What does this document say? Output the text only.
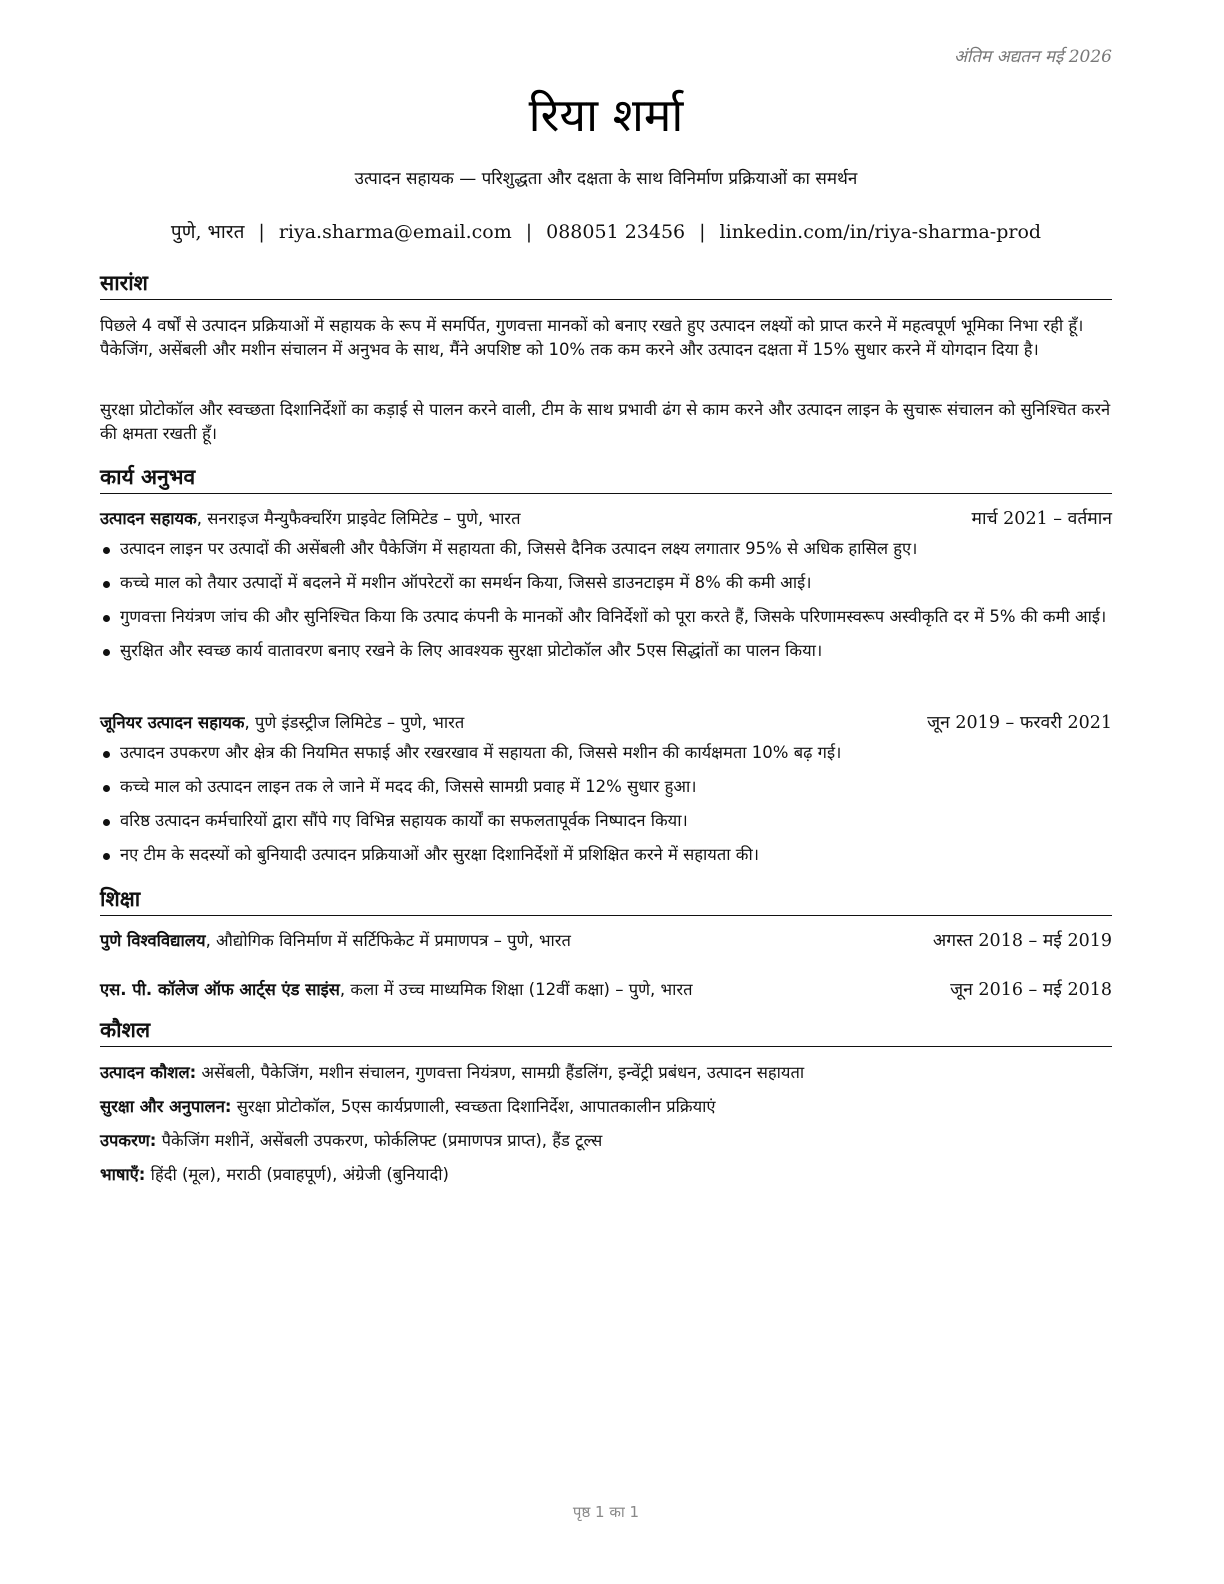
अंतिम अद्यतन मई 2026
रिया शर्मा
उत्पादन सहायक — परिशुद्धता और दक्षता के साथ विनिर्माण प्रक्रियाओं का समर्थन
पुणे, भारत | riya.sharma@email.com | 088051 23456 | linkedin.com/in/riya-sharma-prod
सारांश
पिछले 4 वर्षों से उत्पादन प्रक्रियाओं में सहायक के रूप में समर्पित, गुणवत्ता मानकों को बनाए रखते हुए उत्पादन लक्ष्यों को प्राप्त करने में महत्वपूर्ण भूमिका निभा रही हूँ। पैकेजिंग, असेंबली और मशीन संचालन में अनुभव के साथ, मैंने अपशिष्ट को 10% तक कम करने और उत्पादन दक्षता में 15% सुधार करने में योगदान दिया है।
सुरक्षा प्रोटोकॉल और स्वच्छता दिशानिर्देशों का कड़ाई से पालन करने वाली, टीम के साथ प्रभावी ढंग से काम करने और उत्पादन लाइन के सुचारू संचालन को सुनिश्चित करने की क्षमता रखती हूँ।
कार्य अनुभव
उत्पादन सहायक, सनराइज मैन्युफैक्चरिंग प्राइवेट लिमिटेड – पुणे, भारत	मार्च 2021 – वर्तमान
उत्पादन लाइन पर उत्पादों की असेंबली और पैकेजिंग में सहायता की, जिससे दैनिक उत्पादन लक्ष्य लगातार 95% से अधिक हासिल हुए।
कच्चे माल को तैयार उत्पादों में बदलने में मशीन ऑपरेटरों का समर्थन किया, जिससे डाउनटाइम में 8% की कमी आई।
गुणवत्ता नियंत्रण जांच की और सुनिश्चित किया कि उत्पाद कंपनी के मानकों और विनिर्देशों को पूरा करते हैं, जिसके परिणामस्वरूप अस्वीकृति दर में 5% की कमी आई।
सुरक्षित और स्वच्छ कार्य वातावरण बनाए रखने के लिए आवश्यक सुरक्षा प्रोटोकॉल और 5एस सिद्धांतों का पालन किया।
जूनियर उत्पादन सहायक, पुणे इंडस्ट्रीज लिमिटेड – पुणे, भारत	जून 2019 – फरवरी 2021
उत्पादन उपकरण और क्षेत्र की नियमित सफाई और रखरखाव में सहायता की, जिससे मशीन की कार्यक्षमता 10% बढ़ गई।
कच्चे माल को उत्पादन लाइन तक ले जाने में मदद की, जिससे सामग्री प्रवाह में 12% सुधार हुआ।
वरिष्ठ उत्पादन कर्मचारियों द्वारा सौंपे गए विभिन्न सहायक कार्यों का सफलतापूर्वक निष्पादन किया।
नए टीम के सदस्यों को बुनियादी उत्पादन प्रक्रियाओं और सुरक्षा दिशानिर्देशों में प्रशिक्षित करने में सहायता की।
शिक्षा
पुणे विश्वविद्यालय, औद्योगिक विनिर्माण में सर्टिफिकेट में प्रमाणपत्र – पुणे, भारत	अगस्त 2018 – मई 2019
एस. पी. कॉलेज ऑफ आर्ट्स एंड साइंस, कला में उच्च माध्यमिक शिक्षा (12वीं कक्षा) – पुणे, भारत	जून 2016 – मई 2018
कौशल
उत्पादन कौशल: असेंबली, पैकेजिंग, मशीन संचालन, गुणवत्ता नियंत्रण, सामग्री हैंडलिंग, इन्वेंट्री प्रबंधन, उत्पादन सहायता
सुरक्षा और अनुपालन: सुरक्षा प्रोटोकॉल, 5एस कार्यप्रणाली, स्वच्छता दिशानिर्देश, आपातकालीन प्रक्रियाएं
उपकरण: पैकेजिंग मशीनें, असेंबली उपकरण, फोर्कलिफ्ट (प्रमाणपत्र प्राप्त), हैंड टूल्स
भाषाएँ: हिंदी (मूल), मराठी (प्रवाहपूर्ण), अंग्रेजी (बुनियादी)
पृष्ठ 1 का 1
